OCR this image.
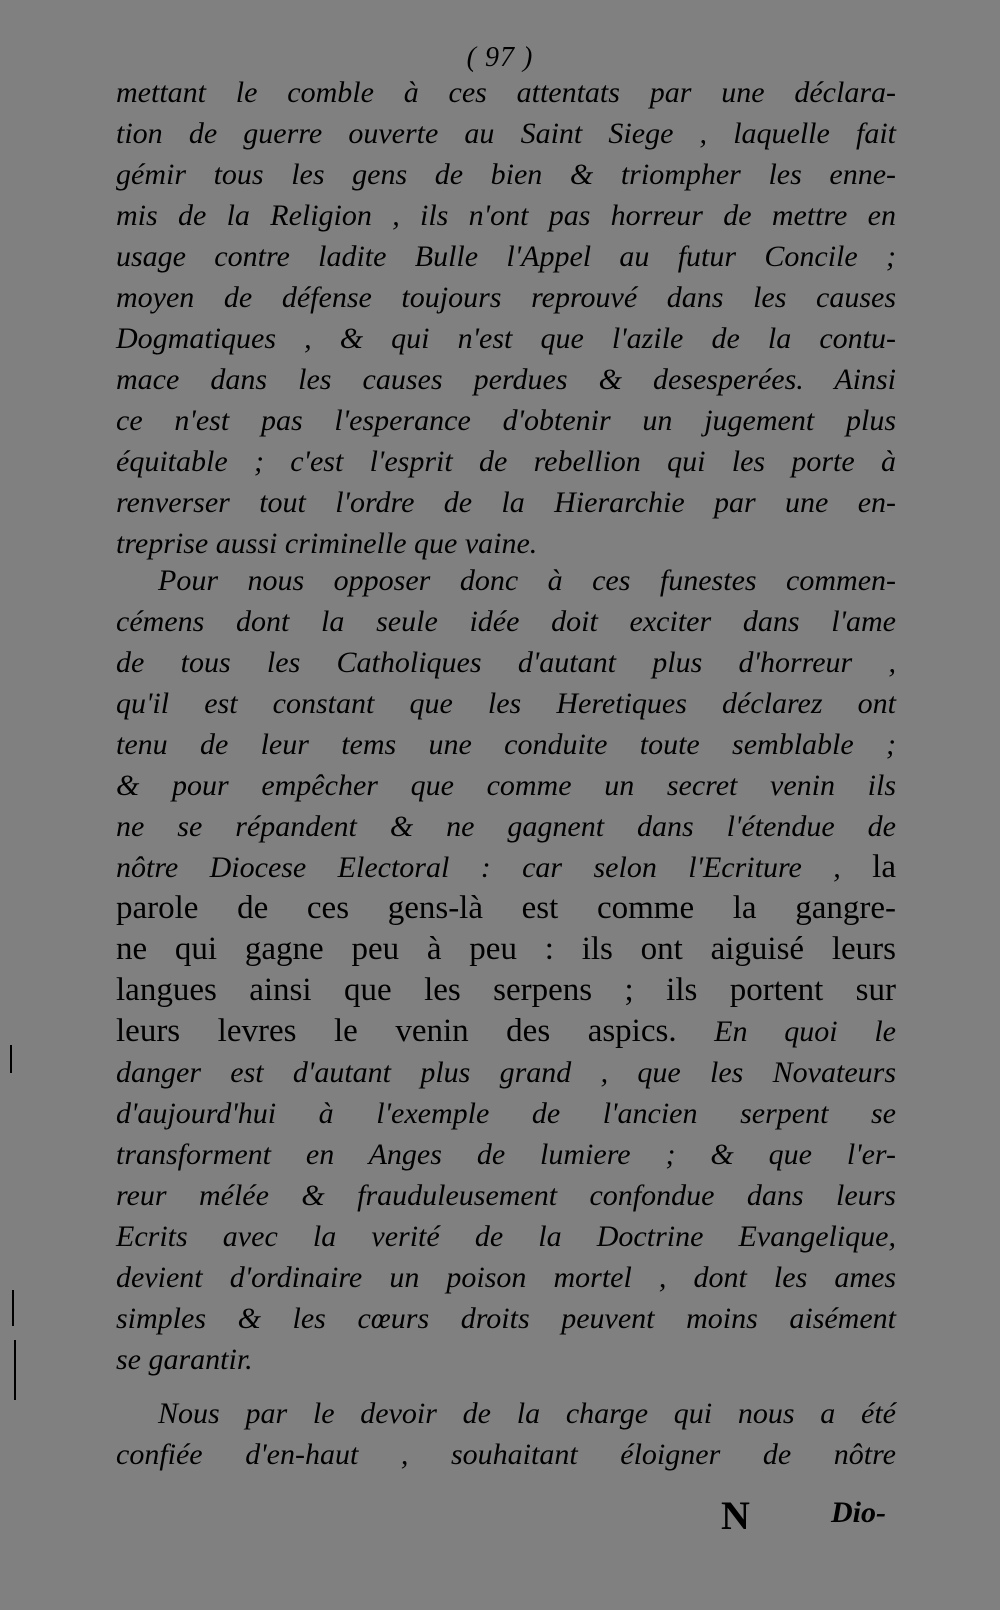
( 97 )
mettant le comble à ces attentats par une déclara-
tion de guerre ouverte au Saint Siege , laquelle fait
gémir tous les gens de bien & triompher les enne-
mis de la Religion , ils n'ont pas horreur de mettre en
usage contre ladite Bulle l'Appel au futur Concile ;
moyen de défense toujours reprouvé dans les causes
Dogmatiques , & qui n'est que l'azile de la contu-
mace dans les causes perdues & desesperées. Ainsi
ce n'est pas l'esperance d'obtenir un jugement plus
équitable ; c'est l'esprit de rebellion qui les porte à
renverser tout l'ordre de la Hierarchie par une en-
treprise aussi criminelle que vaine.
Pour nous opposer donc à ces funestes commen-
cémens dont la seule idée doit exciter dans l'ame
de tous les Catholiques d'autant plus d'horreur ,
qu'il est constant que les Heretiques déclarez ont
tenu de leur tems une conduite toute semblable ;
& pour empêcher que comme un secret venin ils
ne se répandent & ne gagnent dans l'étendue de
nôtre Diocese Electoral : car selon l'Ecriture , la
parole de ces gens-là est comme la gangre-
ne qui gagne peu à peu : ils ont aiguisé leurs
langues ainsi que les serpens ; ils portent sur
leurs levres le venin des aspics. En quoi le
danger est d'autant plus grand , que les Novateurs
d'aujourd'hui à l'exemple de l'ancien serpent se
transforment en Anges de lumiere ; & que l'er-
reur mélée & frauduleusement confondue dans leurs
Ecrits avec la verité de la Doctrine Evangelique,
devient d'ordinaire un poison mortel , dont les ames
simples & les cœurs droits peuvent moins aisément
se garantir.
Nous par le devoir de la charge qui nous a été
confiée d'en-haut , souhaitant éloigner de nôtre
N	Dio-
